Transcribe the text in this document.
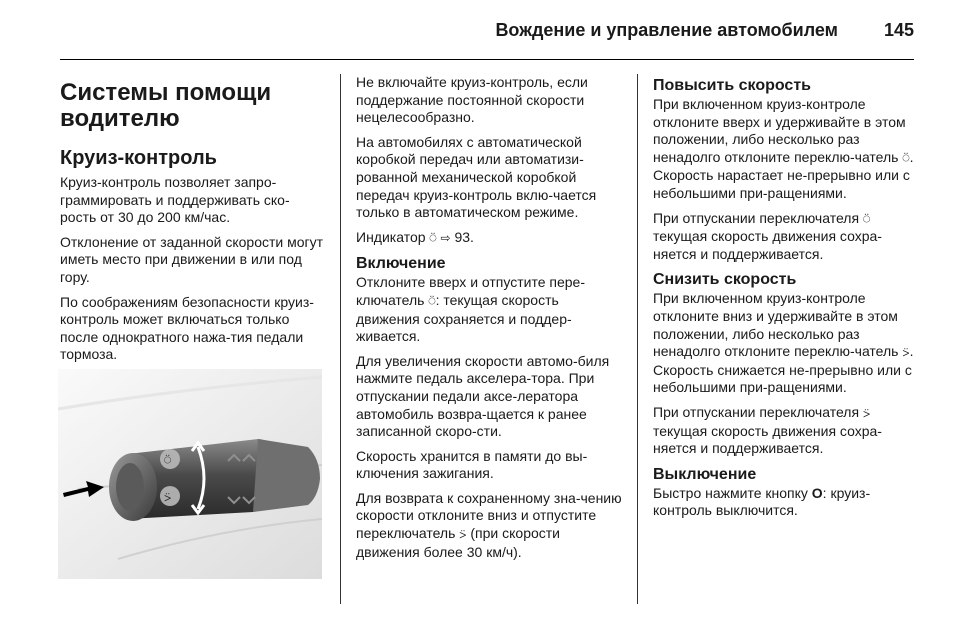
Вождение и управление автомобилем	145
Системы помощи
водителю
Круиз-контроль

Круиз-контроль позволяет запро-граммировать и поддерживать ско-рость от 30 до 200 км/час.

Отклонение от заданной скорости могут иметь место при движении в или под гору.

По соображениям безопасности круиз-контроль может включаться только после однократного нажа-тия педали тормоза.

⍥
⍩

Не включайте круиз-контроль, если поддержание постоянной скорости нецелесообразно.

На автомобилях с автоматической коробкой передач или автоматизи-рованной механической коробкой передач круиз-контроль вклю-чается только в автоматическом режиме.

Индикатор ⍥ ⇨ 93.

Включение

Отклоните вверх и отпустите пере-ключатель ⍥: текущая скорость движения сохраняется и поддер-живается.

Для увеличения скорости автомо-биля нажмите педаль акселера-тора. При отпускании педали аксе-лератора автомобиль возвра-щается к ранее записанной скоро-сти.

Скорость хранится в памяти до вы-ключения зажигания.

Для возврата к сохраненному зна-чению скорости отклоните вниз и отпустите переключатель ⍩ (при скорости движения более 30 км/ч).

Повысить скорость

При включенном круиз-контроле отклоните вверх и удерживайте в этом положении, либо несколько раз ненадолго отклоните переклю-чатель ⍥. Скорость нарастает не-прерывно или с небольшими при-ращениями.

При отпускании переключателя ⍥ текущая скорость движения сохра-няется и поддерживается.

Снизить скорость

При включенном круиз-контроле отклоните вниз и удерживайте в этом положении, либо несколько раз ненадолго отклоните переклю-чатель ⍩. Скорость снижается не-прерывно или с небольшими при-ращениями.

При отпускании переключателя ⍩ текущая скорость движения сохра-няется и поддерживается.

Выключение

Быстро нажмите кнопку O: круиз-контроль выключится.
